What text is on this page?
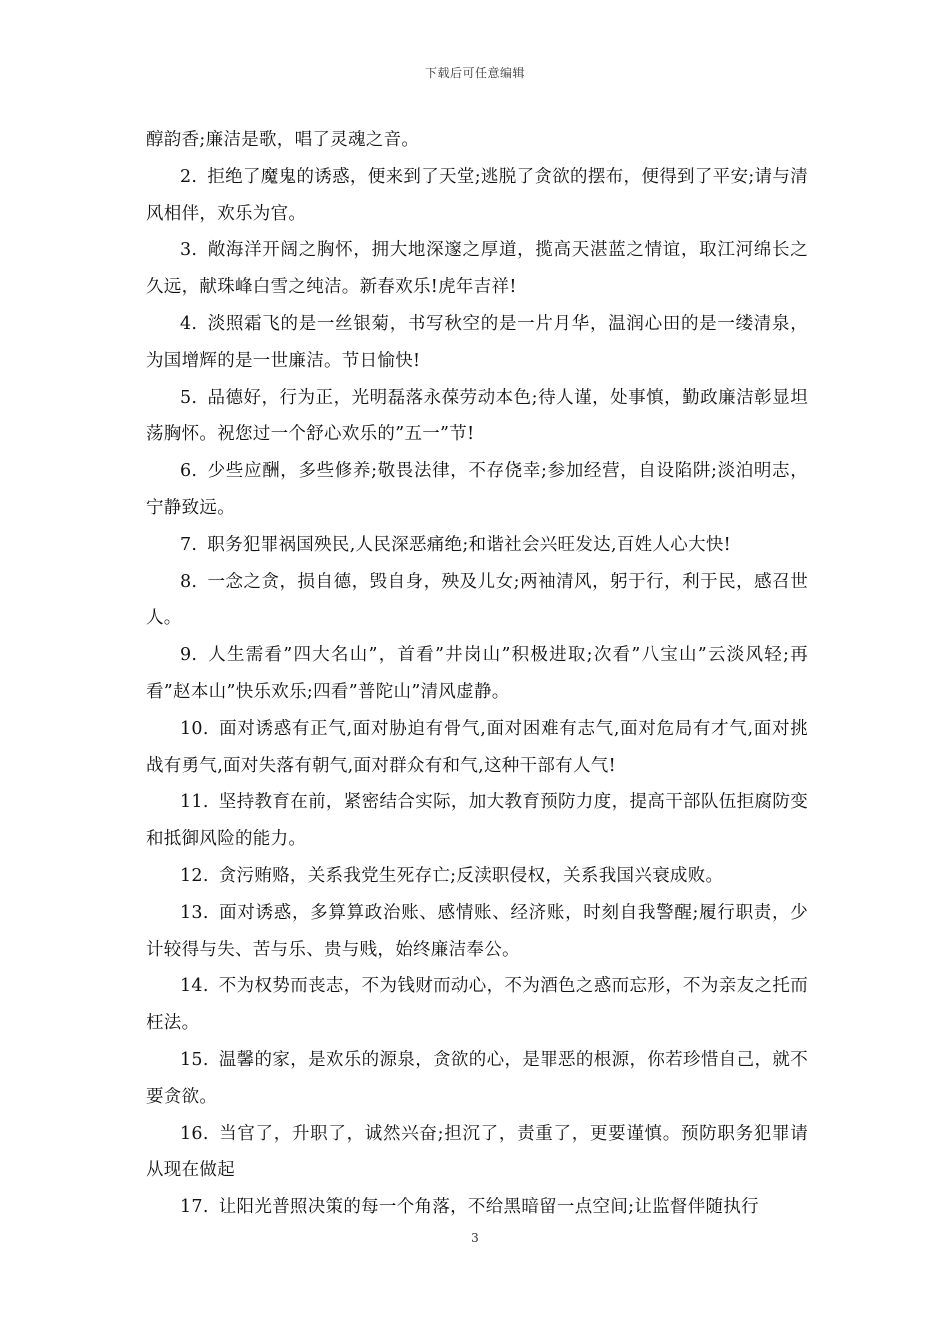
下载后可任意编辑

醇韵香;廉洁是歌，唱了灵魂之音。

2. 拒绝了魔鬼的诱惑，便来到了天堂;逃脱了贪欲的摆布，便得到了平安;请与清风相伴，欢乐为官。

3. 敞海洋开阔之胸怀，拥大地深邃之厚道，揽高天湛蓝之情谊，取江河绵长之久远，献珠峰白雪之纯洁。新春欢乐!虎年吉祥!

4. 淡照霜飞的是一丝银菊，书写秋空的是一片月华，温润心田的是一缕清泉，为国增辉的是一世廉洁。节日愉快!

5. 品德好，行为正，光明磊落永葆劳动本色;待人谨，处事慎，勤政廉洁彰显坦荡胸怀。祝您过一个舒心欢乐的”五一”节!

6. 少些应酬，多些修养;敬畏法律，不存侥幸;参加经营，自设陷阱;淡泊明志，宁静致远。

7. 职务犯罪祸国殃民,人民深恶痛绝;和谐社会兴旺发达,百姓人心大快!

8. 一念之贪，损自德，毁自身，殃及儿女;两袖清风，躬于行，利于民，感召世人。

9. 人生需看”四大名山”，首看”井岗山”积极进取;次看”八宝山”云淡风轻;再看”赵本山”快乐欢乐;四看”普陀山”清风虚静。

10. 面对诱惑有正气,面对胁迫有骨气,面对困难有志气,面对危局有才气,面对挑战有勇气,面对失落有朝气,面对群众有和气,这种干部有人气!

11. 坚持教育在前，紧密结合实际，加大教育预防力度，提高干部队伍拒腐防变和抵御风险的能力。

12. 贪污贿赂，关系我党生死存亡;反渎职侵权，关系我国兴衰成败。

13. 面对诱惑，多算算政治账、感情账、经济账，时刻自我警醒;履行职责，少计较得与失、苦与乐、贵与贱，始终廉洁奉公。

14. 不为权势而丧志，不为钱财而动心，不为酒色之惑而忘形，不为亲友之托而枉法。

15. 温馨的家，是欢乐的源泉，贪欲的心，是罪恶的根源，你若珍惜自己，就不要贪欲。

16. 当官了，升职了，诚然兴奋;担沉了，责重了，更要谨慎。预防职务犯罪请从现在做起

17. 让阳光普照决策的每一个角落，不给黑暗留一点空间;让监督伴随执行

3
